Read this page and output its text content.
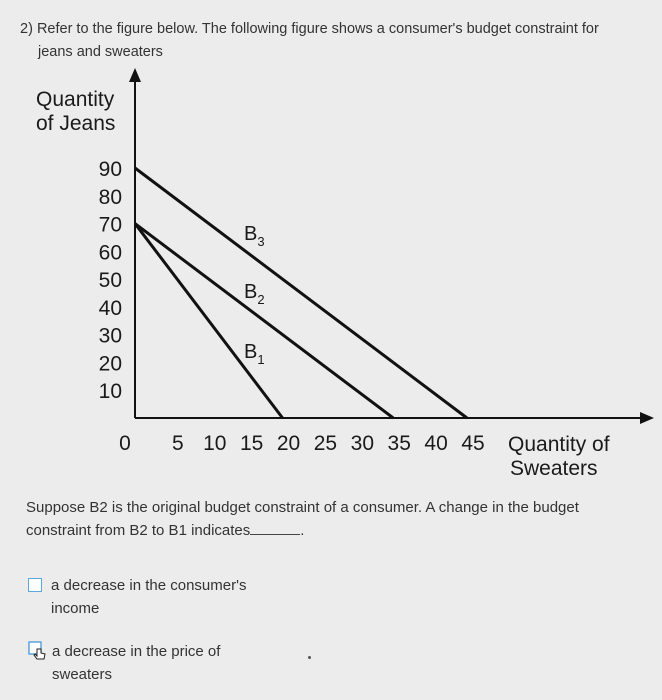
2) Refer to the figure below. The following figure shows a consumer's budget constraint for
jeans and sweaters
Quantity
of Jeans
Quantity of
Sweaters
90
80
70
60
50
40
30
20
10
0 5 10 15 20 25 30 35 40 45
$B_3$
$B_2$
$B_1$
Suppose B2 is the original budget constraint of a consumer. A change in the budget
constraint from B2 to B1 indicates	.
a decrease in the consumer's
income
a decrease in the price of
sweaters
